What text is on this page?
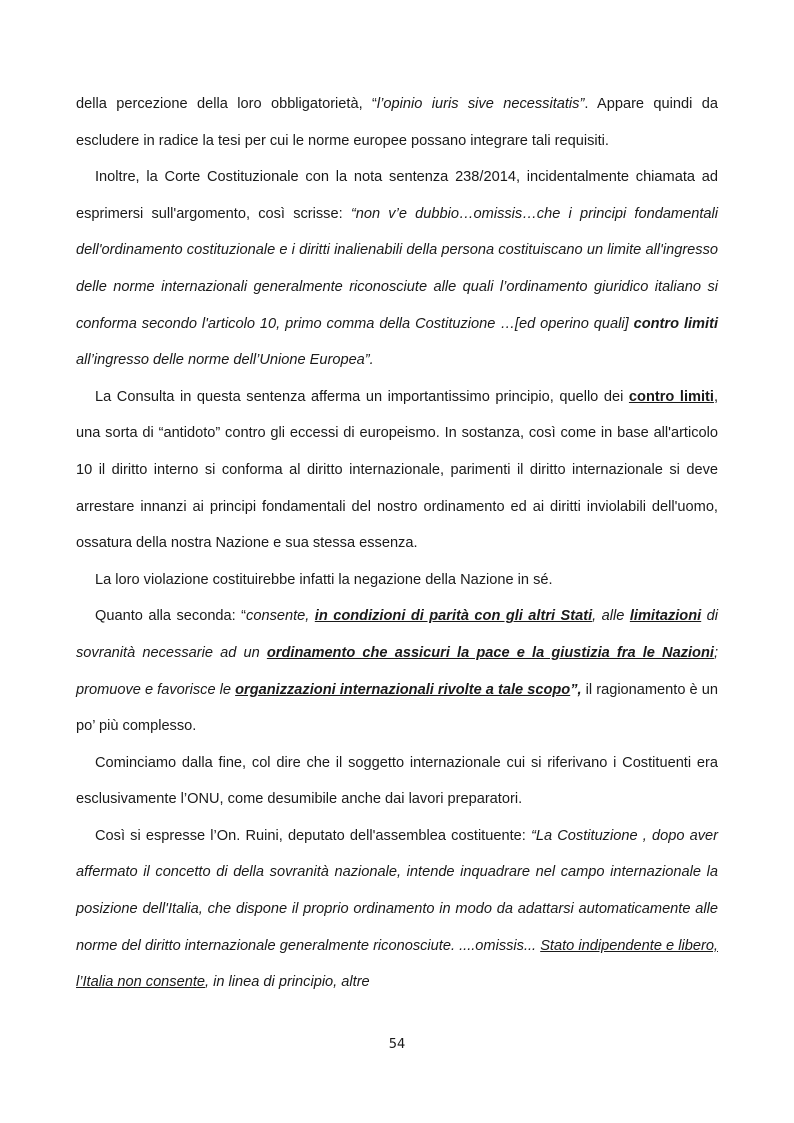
della percezione della loro obbligatorietà, “l’opinio iuris sive necessitatis”. Appare quindi da escludere in radice la tesi per cui le norme europee possano integrare tali requisiti.

Inoltre, la Corte Costituzionale con la nota sentenza 238/2014, incidentalmente chiamata ad esprimersi sull'argomento, così scrisse: “non v’e dubbio…omissis…che i principi fondamentali dell'ordinamento costituzionale e i diritti inalienabili della persona costituiscano un limite all'ingresso delle norme internazionali generalmente riconosciute alle quali l’ordinamento giuridico italiano si conforma secondo l'articolo 10, primo comma della Costituzione …[ed operino quali] contro limiti all’ingresso delle norme dell’Unione Europea”.

La Consulta in questa sentenza afferma un importantissimo principio, quello dei contro limiti, una sorta di “antidoto” contro gli eccessi di europeismo. In sostanza, così come in base all'articolo 10 il diritto interno si conforma al diritto internazionale, parimenti il diritto internazionale si deve arrestare innanzi ai principi fondamentali del nostro ordinamento ed ai diritti inviolabili dell'uomo, ossatura della nostra Nazione e sua stessa essenza.

La loro violazione costituirebbe infatti la negazione della Nazione in sé.

Quanto alla seconda: “consente, in condizioni di parità con gli altri Stati, alle limitazioni di sovranità necessarie ad un ordinamento che assicuri la pace e la giustizia fra le Nazioni; promuove e favorisce le organizzazioni internazionali rivolte a tale scopo”, il ragionamento è un po’ più complesso.

Cominciamo dalla fine, col dire che il soggetto internazionale cui si riferivano i Costituenti era esclusivamente l’ONU, come desumibile anche dai lavori preparatori.

Così si espresse l’On. Ruini, deputato dell'assemblea costituente: “La Costituzione , dopo aver affermato il concetto di della sovranità nazionale, intende inquadrare nel campo internazionale la posizione dell'Italia, che dispone il proprio ordinamento in modo da adattarsi automaticamente alle norme del diritto internazionale generalmente riconosciute. ....omissis... Stato indipendente e libero, l’Italia non consente, in linea di principio, altre

54
